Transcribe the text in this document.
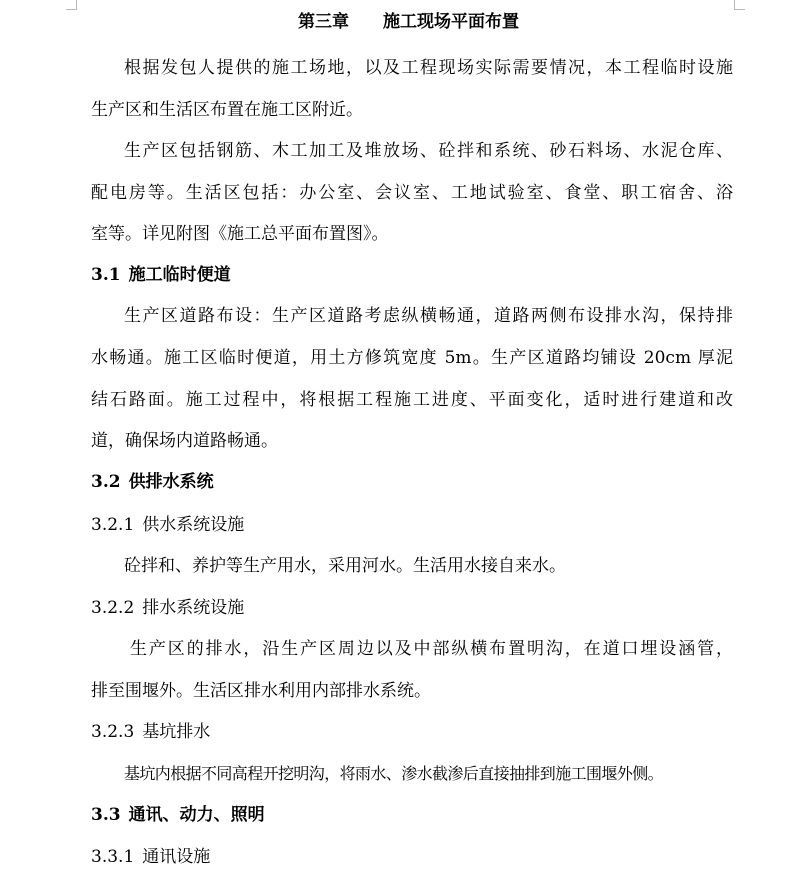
第三章 施工现场平面布置
根据发包人提供的施工场地，以及工程现场实际需要情况，本工程临时设施
生产区和生活区布置在施工区附近。
生产区包括钢筋、木工加工及堆放场、砼拌和系统、砂石料场、水泥仓库、
配电房等。生活区包括：办公室、会议室、工地试验室、食堂、职工宿舍、浴
室等。详见附图《施工总平面布置图》。
3.1 施工临时便道
生产区道路布设：生产区道路考虑纵横畅通，道路两侧布设排水沟，保持排
水畅通。施工区临时便道，用土方修筑宽度 5m。生产区道路均铺设 20cm 厚泥
结石路面。施工过程中，将根据工程施工进度、平面变化，适时进行建道和改
道，确保场内道路畅通。
3.2 供排水系统
3.2.1 供水系统设施
砼拌和、养护等生产用水，采用河水。生活用水接自来水。
3.2.2 排水系统设施
生产区的排水，沿生产区周边以及中部纵横布置明沟，在道口埋设涵管，
排至围堰外。生活区排水利用内部排水系统。
3.2.3 基坑排水
基坑内根据不同高程开挖明沟，将雨水、渗水截渗后直接抽排到施工围堰外侧。
3.3 通讯、动力、照明
3.3.1 通讯设施
